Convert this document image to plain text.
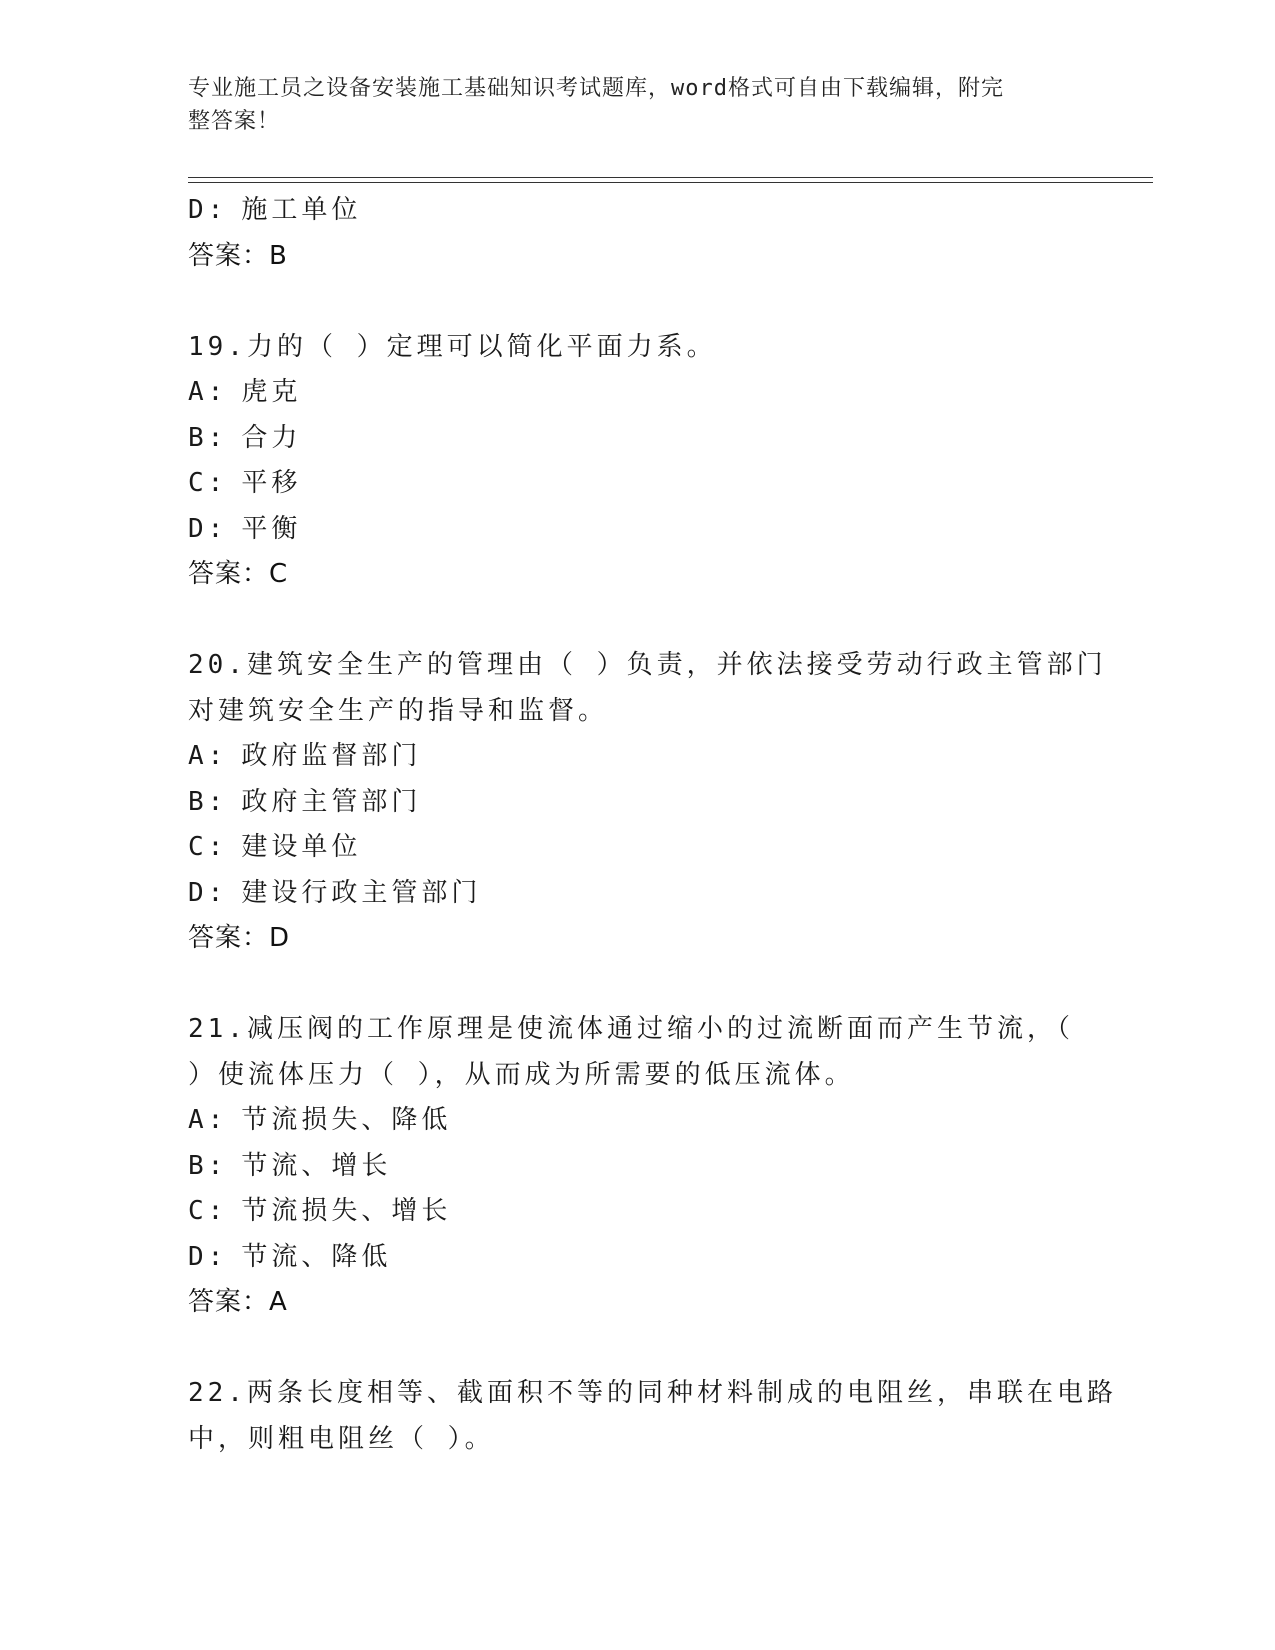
专业施工员之设备安装施工基础知识考试题库，word格式可自由下载编辑，附完
整答案！
D: 施工单位
答案：B
19.力的（ ）定理可以简化平面力系。
A: 虎克
B: 合力
C: 平移
D: 平衡
答案：C
20.建筑安全生产的管理由（ ）负责，并依法接受劳动行政主管部门
对建筑安全生产的指导和监督。
A: 政府监督部门
B: 政府主管部门
C: 建设单位
D: 建设行政主管部门
答案：D
21.减压阀的工作原理是使流体通过缩小的过流断面而产生节流，（
）使流体压力（ ），从而成为所需要的低压流体。
A: 节流损失、降低
B: 节流、增长
C: 节流损失、增长
D: 节流、降低
答案：A
22.两条长度相等、截面积不等的同种材料制成的电阻丝，串联在电路
中，则粗电阻丝（ ）。
